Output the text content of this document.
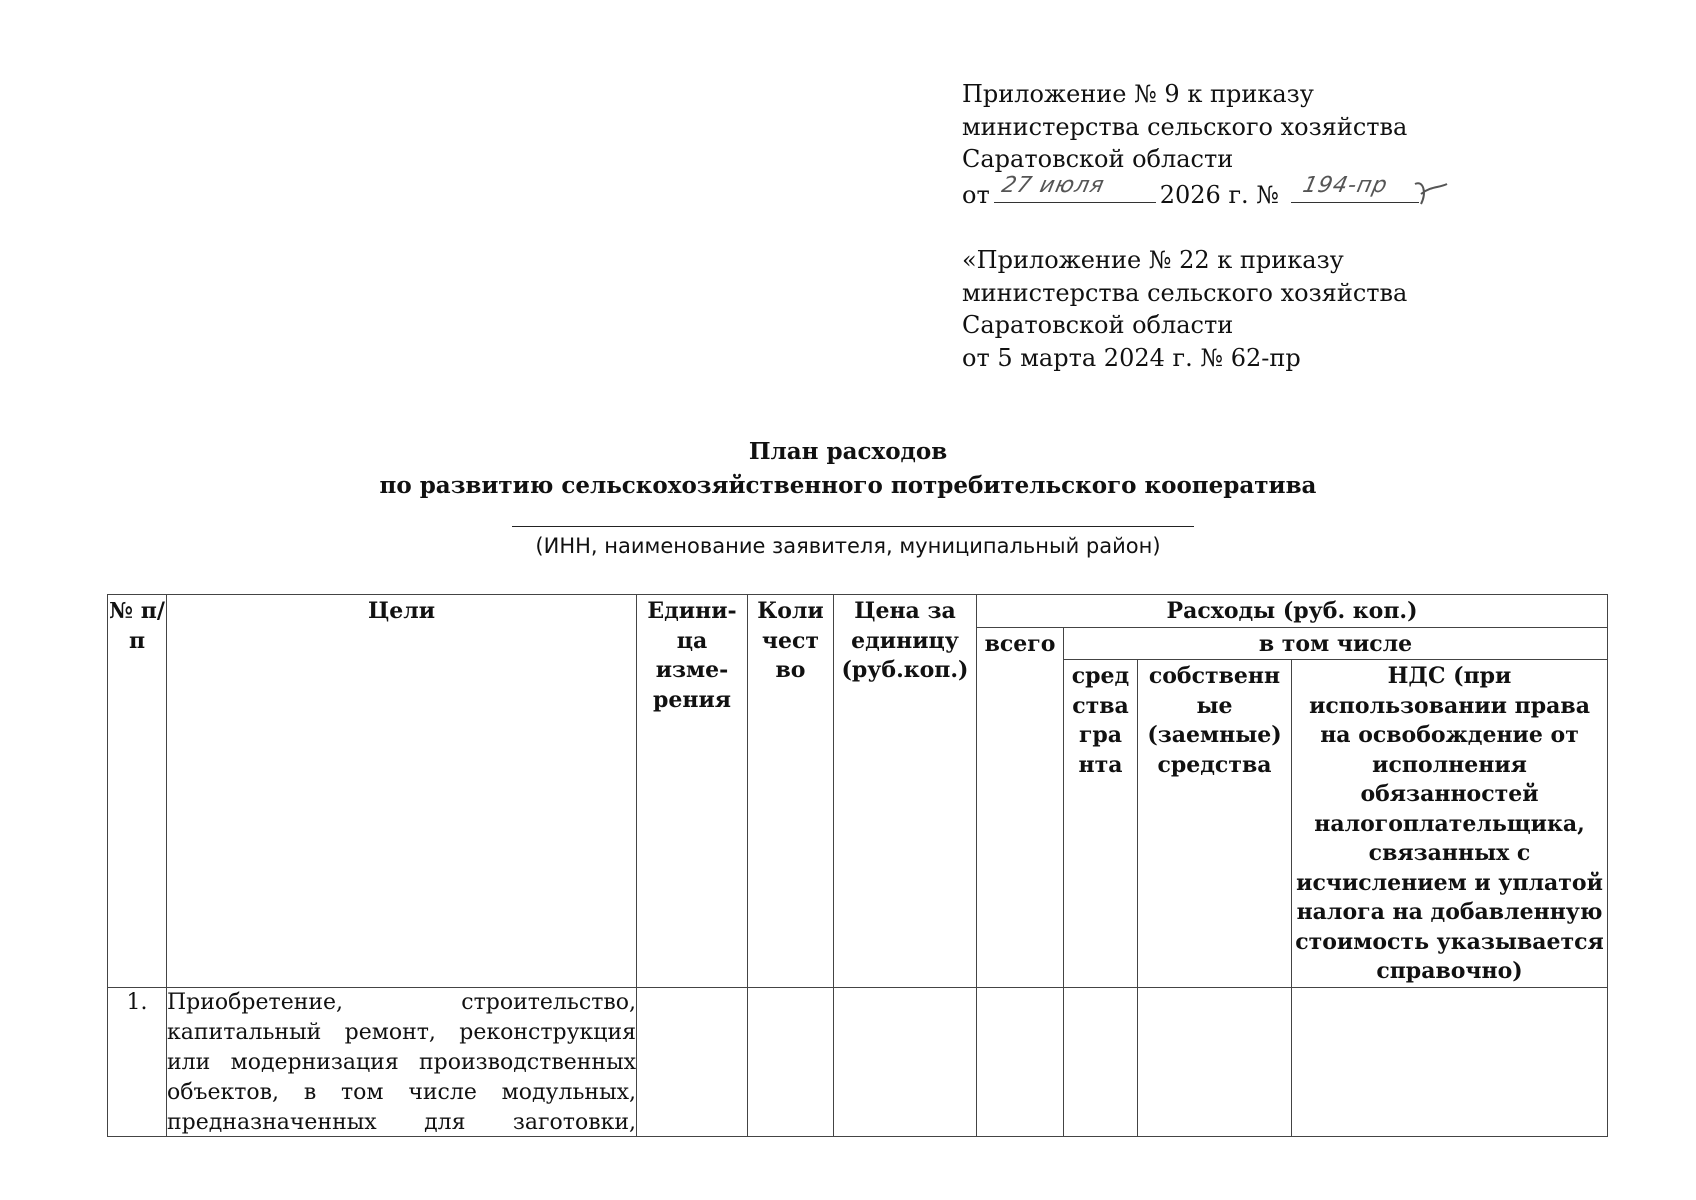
Приложение № 9 к приказу
министерства сельского хозяйства
Саратовской области
от 27 июля 2026 г. № 194-пр
«Приложение № 22 к приказу
министерства сельского хозяйства
Саратовской области
от 5 марта 2024 г. № 62-пр
План расходов
по развитию сельскохозяйственного потребительского кооператива
(ИНН, наименование заявителя, муниципальный район)
№ п/п	Цели	Едини-ца изме-рения	Коли чест во	Цена за единицу (руб.коп.)	Расходы (руб. коп.)			
					всего	в том числе		
						сред ства гра нта	собственн ые (заемные) средства	НДС (при использовании права на освобождение от исполнения обязанностей налогоплательщика, связанных с исчислением и уплатой налога на добавленную стоимость указывается справочно)
1.	Приобретение, строительство, капитальный ремонт, реконструкция или модернизация производственных объектов, в том числе модульных, предназначенных для заготовки,							
